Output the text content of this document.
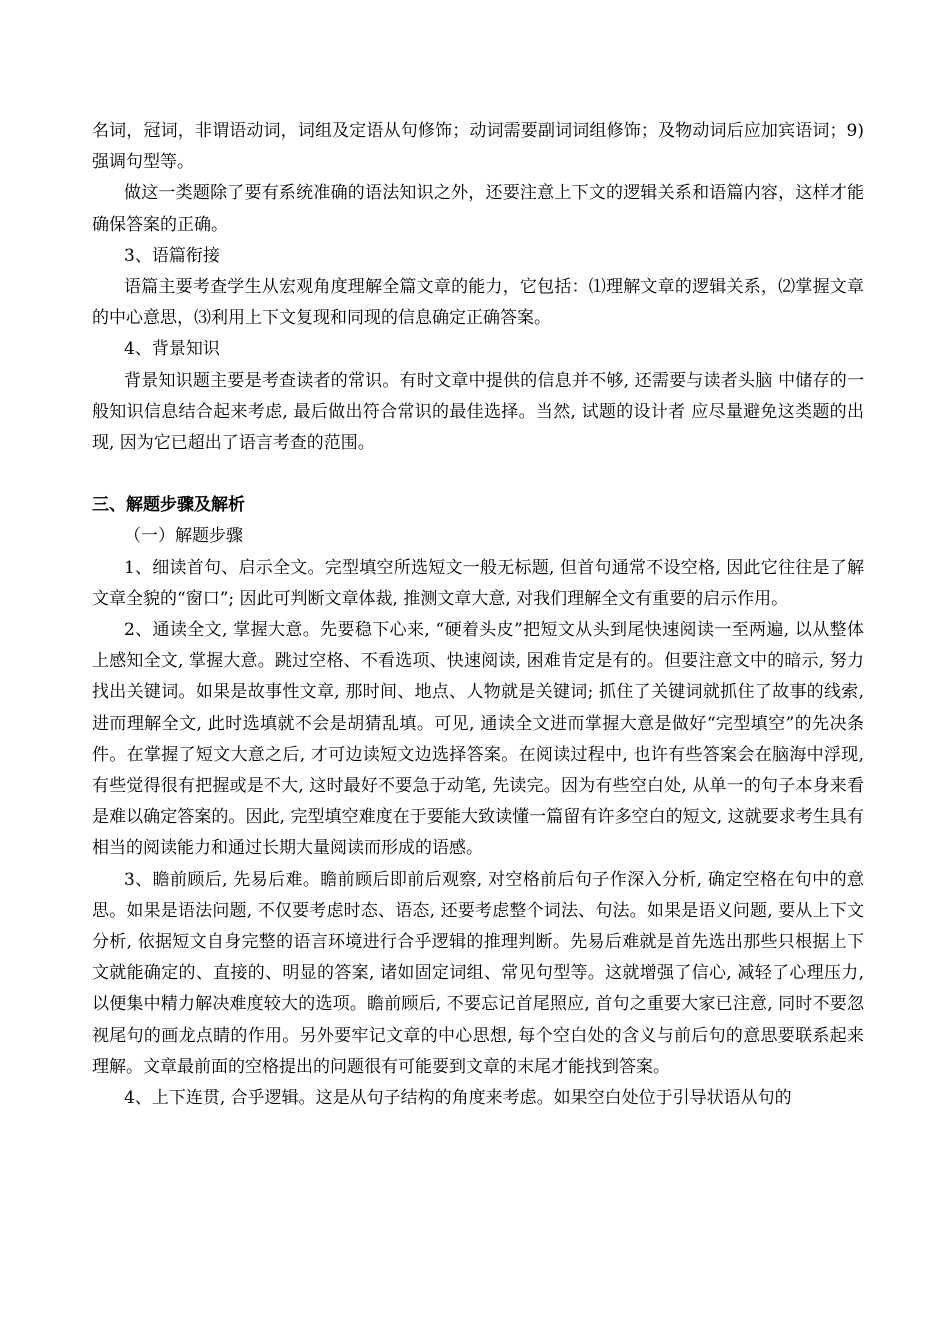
名词，冠词，非谓语动词，词组及定语从句修饰；动词需要副词词组修饰；及物动词后应加宾语词；9)强调句型等。

做这一类题除了要有系统准确的语法知识之外，还要注意上下文的逻辑关系和语篇内容，这样才能确保答案的正确。

3、语篇衔接

语篇主要考查学生从宏观角度理解全篇文章的能力，它包括：⑴理解文章的逻辑关系，⑵掌握文章的中心意思，⑶利用上下文复现和同现的信息确定正确答案。

4、背景知识

背景知识题主要是考查读者的常识。有时文章中提供的信息并不够, 还需要与读者头脑 中储存的一般知识信息结合起来考虑, 最后做出符合常识的最佳选择。当然, 试题的设计者 应尽量避免这类题的出现, 因为它已超出了语言考查的范围。

三、解题步骤及解析

（一）解题步骤

1、细读首句、启示全文。完型填空所选短文一般无标题, 但首句通常不设空格, 因此它往往是了解文章全貌的“窗口”; 因此可判断文章体裁, 推测文章大意, 对我们理解全文有重要的启示作用。

2、通读全文, 掌握大意。先要稳下心来, “硬着头皮”把短文从头到尾快速阅读一至两遍, 以从整体上感知全文, 掌握大意。跳过空格、不看选项、快速阅读, 困难肯定是有的。但要注意文中的暗示, 努力找出关键词。如果是故事性文章, 那时间、地点、人物就是关键词; 抓住了关键词就抓住了故事的线索, 进而理解全文, 此时选填就不会是胡猜乱填。可见, 通读全文进而掌握大意是做好“完型填空”的先决条件。在掌握了短文大意之后, 才可边读短文边选择答案。在阅读过程中, 也许有些答案会在脑海中浮现, 有些觉得很有把握或是不大, 这时最好不要急于动笔, 先读完。因为有些空白处, 从单一的句子本身来看是难以确定答案的。因此, 完型填空难度在于要能大致读懂一篇留有许多空白的短文, 这就要求考生具有相当的阅读能力和通过长期大量阅读而形成的语感。

3、瞻前顾后, 先易后难。瞻前顾后即前后观察, 对空格前后句子作深入分析, 确定空格在句中的意思。如果是语法问题, 不仅要考虑时态、语态, 还要考虑整个词法、句法。如果是语义问题, 要从上下文分析, 依据短文自身完整的语言环境进行合乎逻辑的推理判断。先易后难就是首先选出那些只根据上下文就能确定的、直接的、明显的答案, 诸如固定词组、常见句型等。这就增强了信心, 减轻了心理压力, 以便集中精力解决难度较大的选项。瞻前顾后, 不要忘记首尾照应, 首句之重要大家已注意, 同时不要忽视尾句的画龙点睛的作用。另外要牢记文章的中心思想, 每个空白处的含义与前后句的意思要联系起来理解。文章最前面的空格提出的问题很有可能要到文章的末尾才能找到答案。

4、上下连贯, 合乎逻辑。这是从句子结构的角度来考虑。如果空白处位于引导状语从句的
